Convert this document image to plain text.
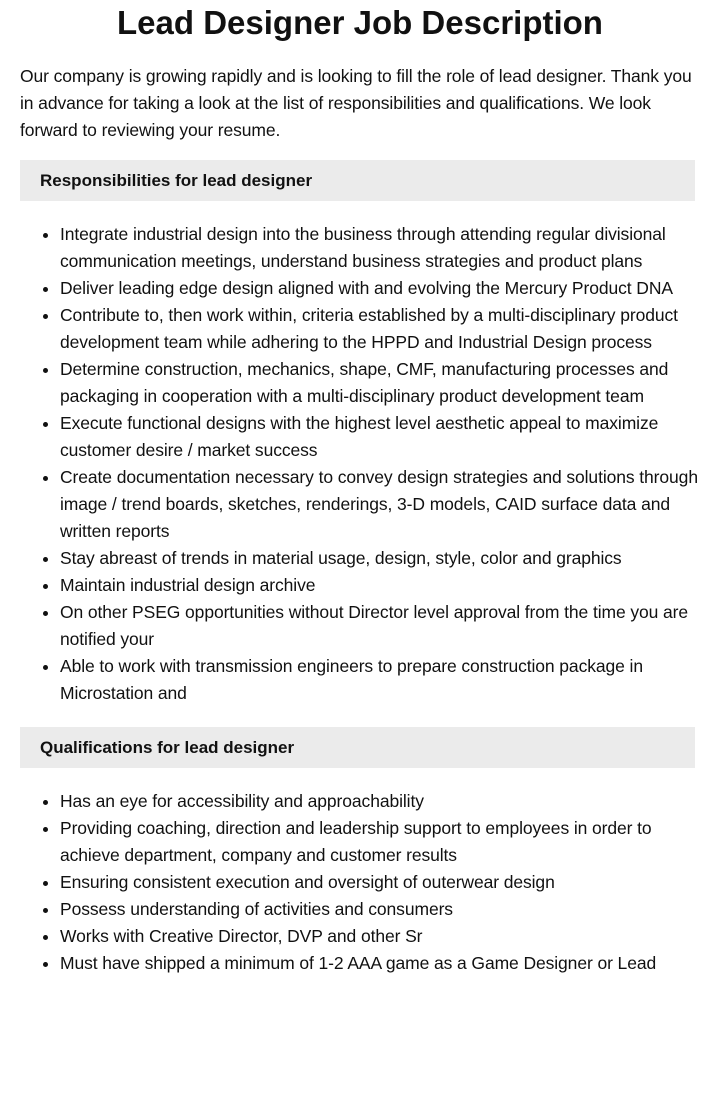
Lead Designer Job Description

Our company is growing rapidly and is looking to fill the role of lead designer. Thank you in advance for taking a look at the list of responsibilities and qualifications. We look forward to reviewing your resume.

Responsibilities for lead designer
• Integrate industrial design into the business through attending regular divisional communication meetings, understand business strategies and product plans
• Deliver leading edge design aligned with and evolving the Mercury Product DNA
• Contribute to, then work within, criteria established by a multi-disciplinary product development team while adhering to the HPPD and Industrial Design process
• Determine construction, mechanics, shape, CMF, manufacturing processes and packaging in cooperation with a multi-disciplinary product development team
• Execute functional designs with the highest level aesthetic appeal to maximize customer desire / market success
• Create documentation necessary to convey design strategies and solutions through image / trend boards, sketches, renderings, 3-D models, CAID surface data and written reports
• Stay abreast of trends in material usage, design, style, color and graphics
• Maintain industrial design archive
• On other PSEG opportunities without Director level approval from the time you are notified your
• Able to work with transmission engineers to prepare construction package in Microstation and
Qualifications for lead designer
• Has an eye for accessibility and approachability
• Providing coaching, direction and leadership support to employees in order to achieve department, company and customer results
• Ensuring consistent execution and oversight of outerwear design
• Possess understanding of activities and consumers
• Works with Creative Director, DVP and other Sr
• Must have shipped a minimum of 1-2 AAA game as a Game Designer or Lead
